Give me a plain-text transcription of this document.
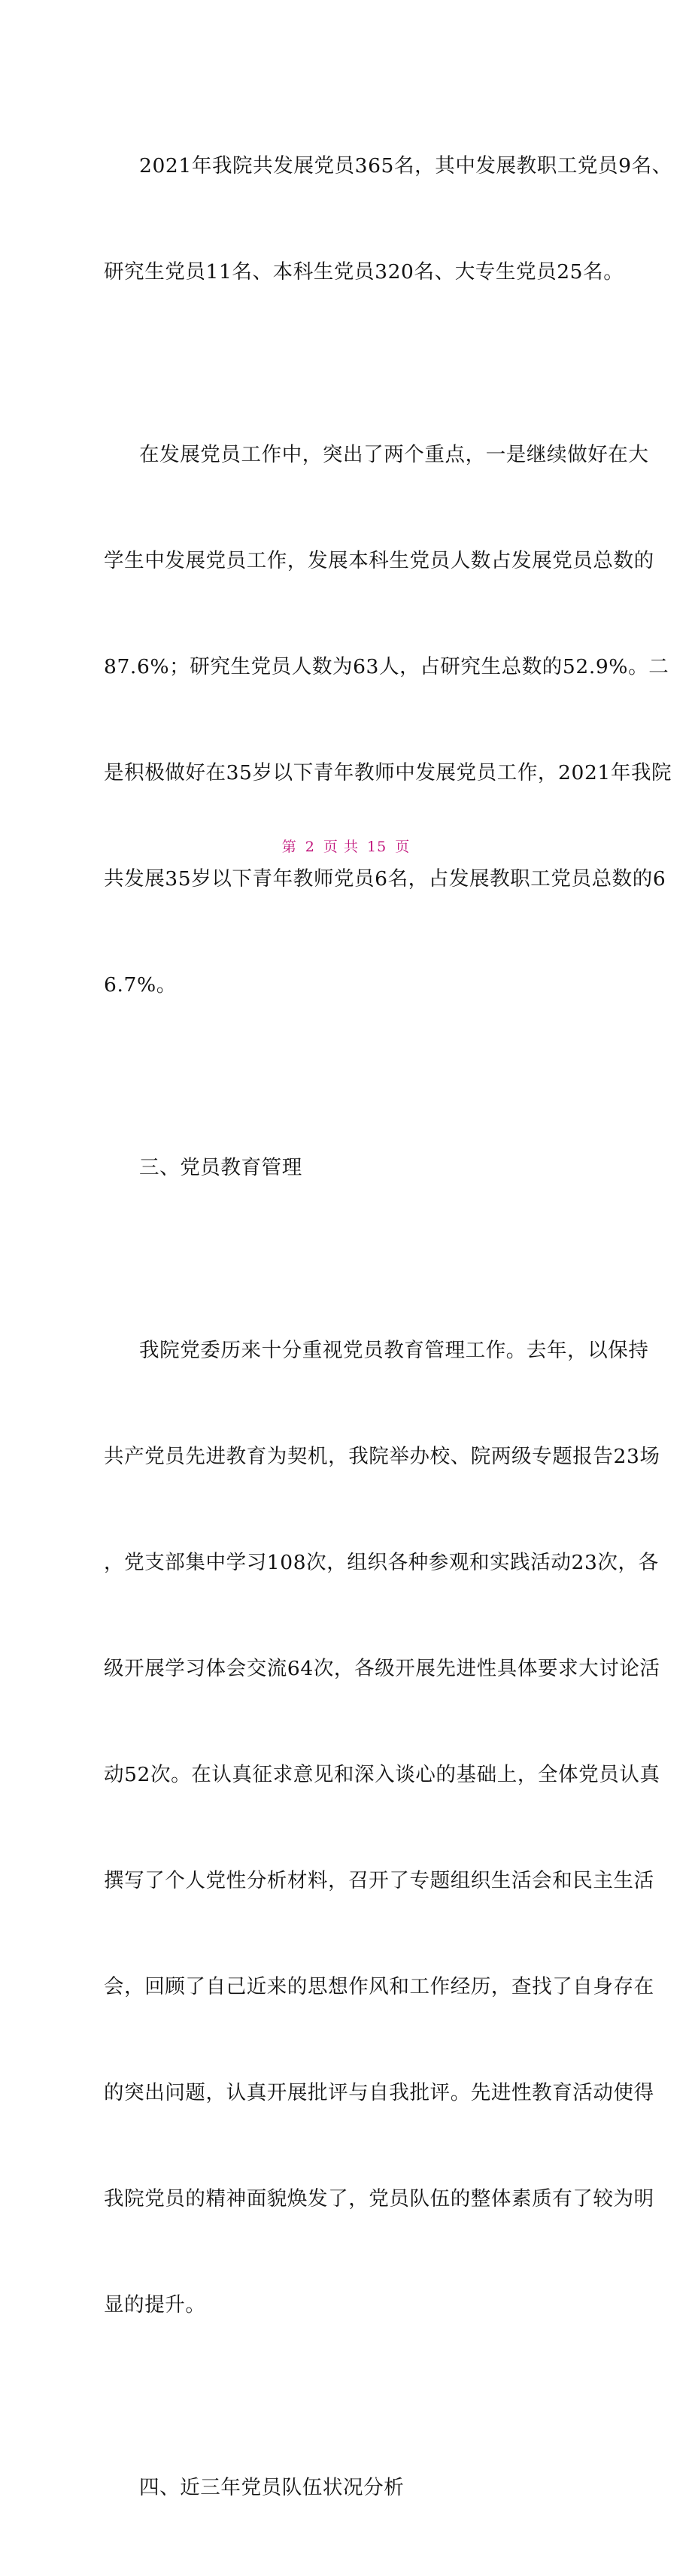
2021年我院共发展党员365名，其中发展教职工党员9名、

研究生党员11名、本科生党员320名、大专生党员25名。

在发展党员工作中，突出了两个重点，一是继续做好在大

学生中发展党员工作，发展本科生党员人数占发展党员总数的

87.6%；研究生党员人数为63人，占研究生总数的52.9%。二

是积极做好在35岁以下青年教师中发展党员工作，2021年我院

共发展35岁以下青年教师党员6名，占发展教职工党员总数的6

6.7%。

三、党员教育管理

我院党委历来十分重视党员教育管理工作。去年，以保持

共产党员先进教育为契机，我院举办校、院两级专题报告23场

，党支部集中学习108次，组织各种参观和实践活动23次，各

级开展学习体会交流64次，各级开展先进性具体要求大讨论活

动52次。在认真征求意见和深入谈心的基础上，全体党员认真

撰写了个人党性分析材料，召开了专题组织生活会和民主生活

会，回顾了自己近来的思想作风和工作经历，查找了自身存在

的突出问题，认真开展批评与自我批评。先进性教育活动使得

我院党员的精神面貌焕发了，党员队伍的整体素质有了较为明

显的提升。

四、近三年党员队伍状况分析

第 2 页 共 15 页
